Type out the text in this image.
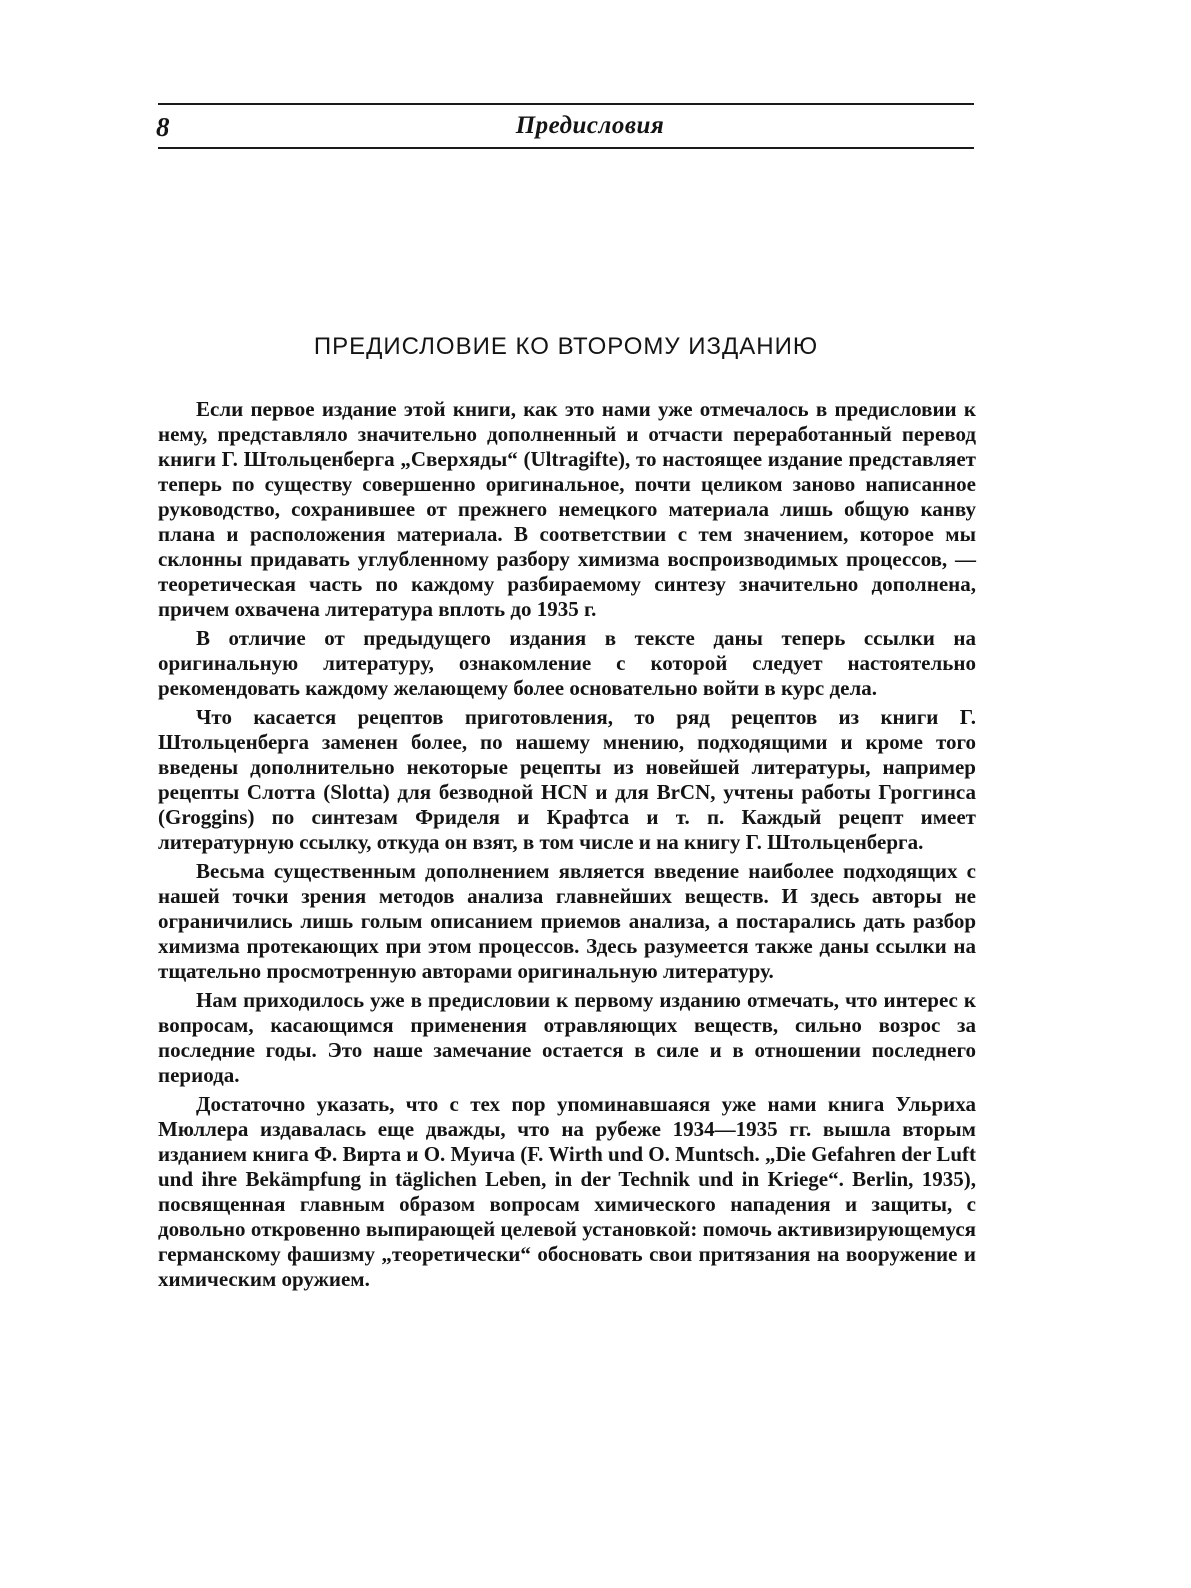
8	Предисловия
ПРЕДИСЛОВИЕ КО ВТОРОМУ ИЗДАНИЮ

Если первое издание этой книги, как это нами уже отмечалось в предисловии к нему, представляло значительно дополненный и отчасти переработанный перевод книги Г. Штольценберга „Сверхяды“ (Ultragifte), то настоящее издание представляет теперь по существу совершенно оригинальное, почти целиком заново написанное руководство, сохранившее от прежнего немецкого материала лишь общую канву плана и расположения материала. В соответствии с тем значением, которое мы склонны придавать углубленному разбору химизма воспроизводимых процессов, — теоретическая часть по каждому разбираемому синтезу значительно дополнена, причем охвачена литература вплоть до 1935 г.

В отличие от предыдущего издания в тексте даны теперь ссылки на оригинальную литературу, ознакомление с которой следует настоятельно рекомендовать каждому желающему более основательно войти в курс дела.

Что касается рецептов приготовления, то ряд рецептов из книги Г. Штольценберга заменен более, по нашему мнению, подходящими и кроме того введены дополнительно некоторые рецепты из новейшей литературы, например рецепты Слотта (Slotta) для безводной HCN и для BrCN, учтены работы Гроггинса (Groggins) по синтезам Фриделя и Крафтса и т. п. Каждый рецепт имеет литературную ссылку, откуда он взят, в том числе и на книгу Г. Штольценберга.

Весьма существенным дополнением является введение наиболее подходящих с нашей точки зрения методов анализа главнейших веществ. И здесь авторы не ограничились лишь голым описанием приемов анализа, а постарались дать разбор химизма протекающих при этом процессов. Здесь разумеется также даны ссылки на тщательно просмотренную авторами оригинальную литературу.

Нам приходилось уже в предисловии к первому изданию отмечать, что интерес к вопросам, касающимся применения отравляющих веществ, сильно возрос за последние годы. Это наше замечание остается в силе и в отношении последнего периода.

Достаточно указать, что с тех пор упоминавшаяся уже нами книга Ульриха Мюллера издавалась еще дважды, что на рубеже 1934—1935 гг. вышла вторым изданием книга Ф. Вирта и О. Муича (F. Wirth und O. Muntsch. „Die Gefahren der Luft und ihre Bekämpfung in täglichen Leben, in der Technik und in Kriege“. Berlin, 1935), посвященная главным образом вопросам химического нападения и защиты, с довольно откровенно выпирающей целевой установкой: помочь активизирующемуся германскому фашизму „теоретически“ обосновать свои притязания на вооружение и химическим оружием.
